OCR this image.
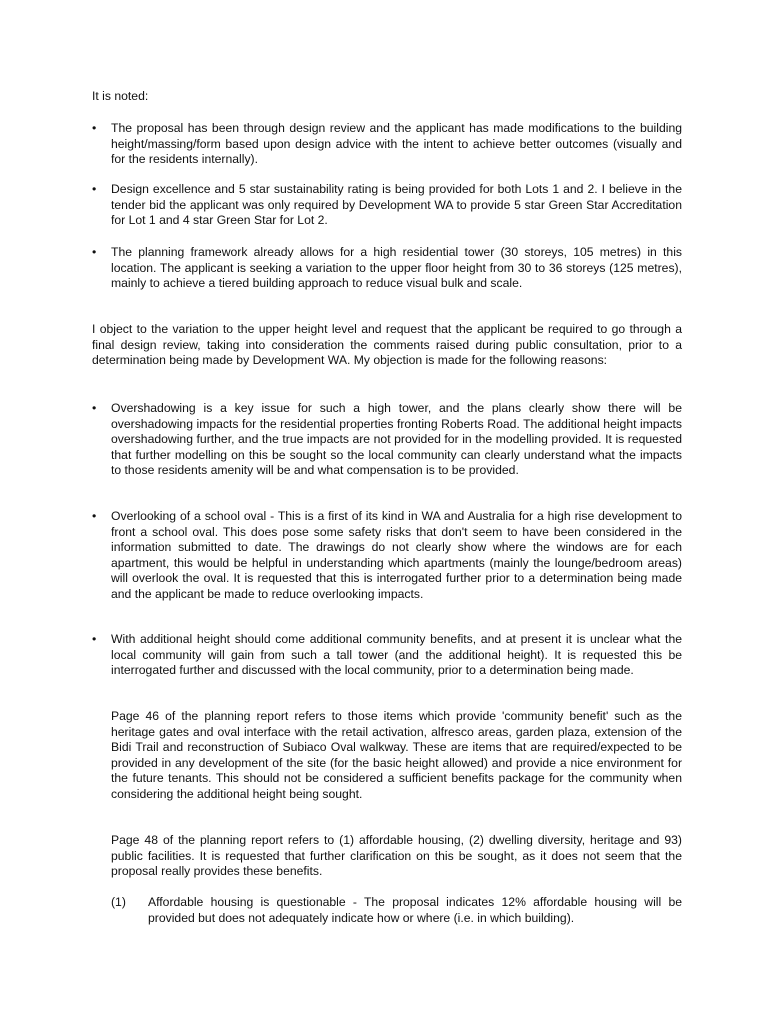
It is noted:

•	The proposal has been through design review and the applicant has made modifications to the building height/massing/form based upon design advice with the intent to achieve better outcomes (visually and for the residents internally).

•	Design excellence and 5 star sustainability rating is being provided for both Lots 1 and 2. I believe in the tender bid the applicant was only required by Development WA to provide 5 star Green Star Accreditation for Lot 1 and 4 star Green Star for Lot 2.

•	The planning framework already allows for a high residential tower (30 storeys, 105 metres) in this location. The applicant is seeking a variation to the upper floor height from 30 to 36 storeys (125 metres), mainly to achieve a tiered building approach to reduce visual bulk and scale.

I object to the variation to the upper height level and request that the applicant be required to go through a final design review, taking into consideration the comments raised during public consultation, prior to a determination being made by Development WA. My objection is made for the following reasons:

•	Overshadowing is a key issue for such a high tower, and the plans clearly show there will be overshadowing impacts for the residential properties fronting Roberts Road. The additional height impacts overshadowing further, and the true impacts are not provided for in the modelling provided. It is requested that further modelling on this be sought so the local community can clearly understand what the impacts to those residents amenity will be and what compensation is to be provided.

•	Overlooking of a school oval - This is a first of its kind in WA and Australia for a high rise development to front a school oval. This does pose some safety risks that don't seem to have been considered in the information submitted to date. The drawings do not clearly show where the windows are for each apartment, this would be helpful in understanding which apartments (mainly the lounge/bedroom areas) will overlook the oval. It is requested that this is interrogated further prior to a determination being made and the applicant be made to reduce overlooking impacts.

•	With additional height should come additional community benefits, and at present it is unclear what the local community will gain from such a tall tower (and the additional height). It is requested this be interrogated further and discussed with the local community, prior to a determination being made.

Page 46 of the planning report refers to those items which provide 'community benefit' such as the heritage gates and oval interface with the retail activation, alfresco areas, garden plaza, extension of the Bidi Trail and reconstruction of Subiaco Oval walkway. These are items that are required/expected to be provided in any development of the site (for the basic height allowed) and provide a nice environment for the future tenants. This should not be considered a sufficient benefits package for the community when considering the additional height being sought.

Page 48 of the planning report refers to (1) affordable housing, (2) dwelling diversity, heritage and 93) public facilities. It is requested that further clarification on this be sought, as it does not seem that the proposal really provides these benefits.

(1) Affordable housing is questionable - The proposal indicates 12% affordable housing will be provided but does not adequately indicate how or where (i.e. in which building).
